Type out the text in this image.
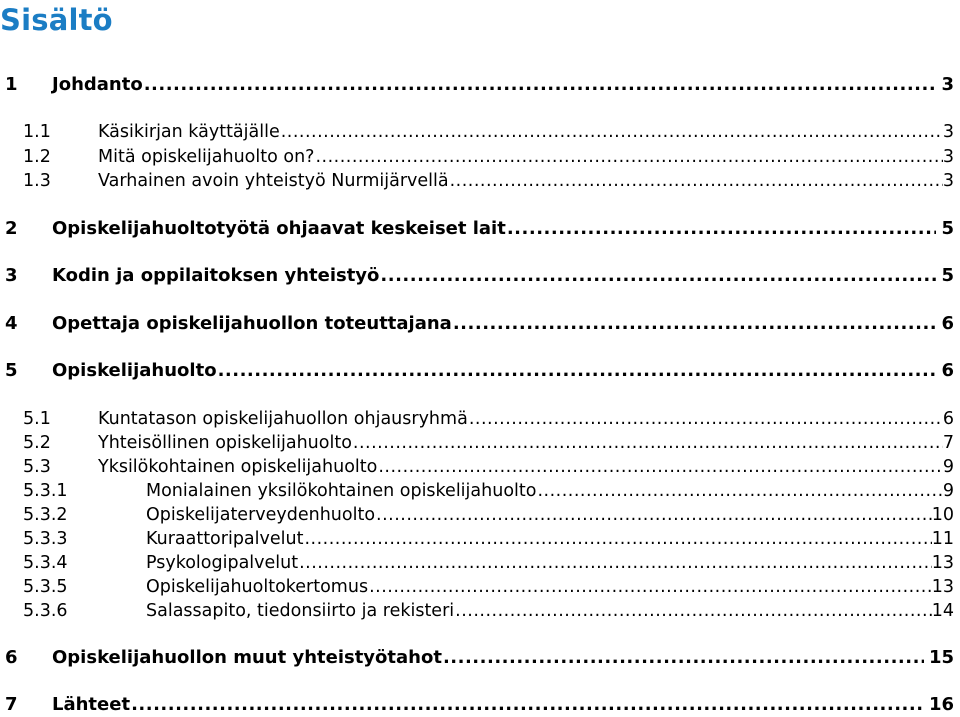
Sisältö
1 Johdanto .....	3
1.1	Käsikirjan käyttäjälle .....	3
1.2	Mitä opiskelijahuolto on? .....	3
1.3	Varhainen avoin yhteistyö Nurmijärvellä .....	3
2 Opiskelijahuoltotyötä ohjaavat keskeiset lait .....	5
3 Kodin ja oppilaitoksen yhteistyö .....	5
4 Opettaja opiskelijahuollon toteuttajana .....	6
5 Opiskelijahuolto .....	6
5.1	Kuntatason opiskelijahuollon ohjausryhmä .....	6
5.2	Yhteisöllinen opiskelijahuolto .....	7
5.3	Yksilökohtainen opiskelijahuolto .....	9
5.3.1	Monialainen yksilökohtainen opiskelijahuolto .....	9
5.3.2	Opiskelijaterveydenhuolto .....	10
5.3.3	Kuraattoripalvelut .....	11
5.3.4	Psykologipalvelut .....	13
5.3.5	Opiskelijahuoltokertomus .....	13
5.3.6	Salassapito, tiedonsiirto ja rekisteri .....	14
6 Opiskelijahuollon muut yhteistyötahot .....	15
7 Lähteet .....	16
